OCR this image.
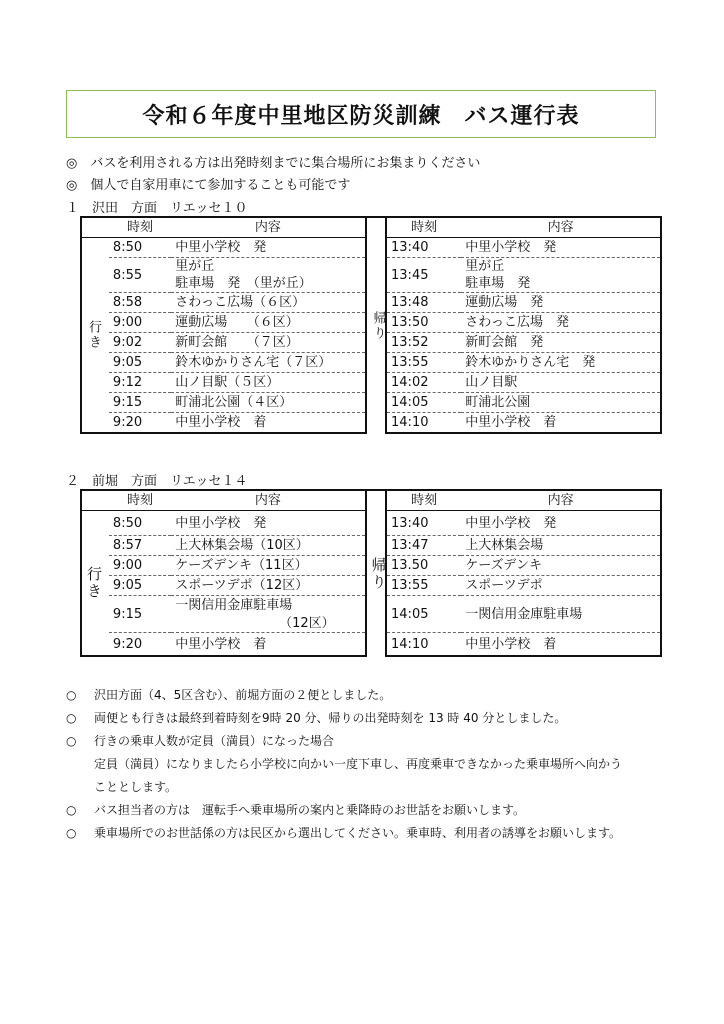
令和６年度中里地区防災訓練　バス運行表
◎　バスを利用される方は出発時刻までに集合場所にお集まりください
◎　個人で自家用車にて参加することも可能です
１　沢田　方面　リエッセ１０
	時刻	内容	帰り	時刻	内容

行き	8:50	中里小学校　発		13:40	中里小学校　発
	8:55	里が丘		13:45	里が丘
		駐車場　発　（里が丘）			駐車場　発
	8:58	さわっこ広場（６区）		13:48	運動広場　発
	9:00	運動広場　　（６区）		13:50	さわっこ広場　発
	9:02	新町会館　　（７区）		13:52	新町会館　発
	9:05	鈴木ゆかりさん宅（７区）		13:55	鈴木ゆかりさん宅　発
	9:12	山ノ目駅（５区）		14:02	山ノ目駅
	9:15	町浦北公園（４区）		14:05	町浦北公園
	9:20	中里小学校　着		14:10	中里小学校　着
２　前堀　方面　リエッセ１４
	時刻	内容	帰り	時刻	内容

行き	8:50	中里小学校　発		13:40	中里小学校　発
	8:57	上大林集会場（10区）		13:47	上大林集会場
	9:00	ケーズデンキ（11区）		13.50	ケーズデンキ
	9:05	スポーツデポ（12区）		13:55	スポーツデポ
	9:15	一関信用金庫駐車場		14:05	一関信用金庫駐車場
		（12区）			
	9:20	中里小学校　着		14:10	中里小学校　着
○ 沢田方面（4、5区含む）、前堀方面の２便としました。
○ 両便とも行きは最終到着時刻を9時 20 分、帰りの出発時刻を 13 時 40 分としました。
○ 行きの乗車人数が定員（満員）になった場合
定員（満員）になりましたら小学校に向かい一度下車し、再度乗車できなかった乗車場所へ向かう
こととします。
○ バス担当者の方は　運転手へ乗車場所の案内と乗降時のお世話をお願いします。
○ 乗車場所でのお世話係の方は民区から選出してください。乗車時、利用者の誘導をお願いします。
